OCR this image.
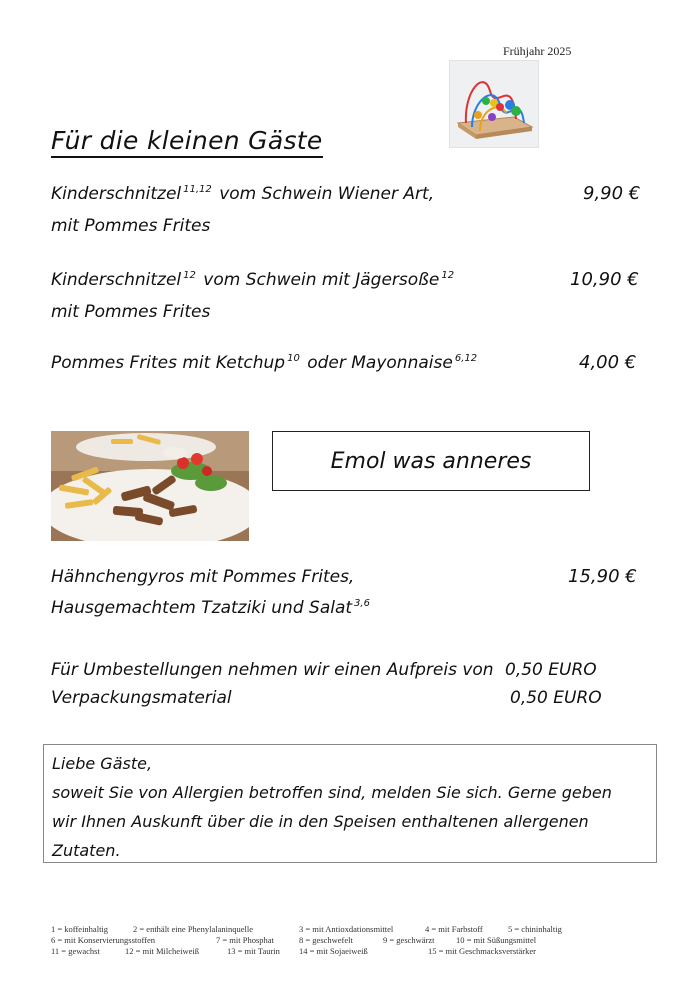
Frühjahr 2025
Für die kleinen Gäste
Kinderschnitzel $^{11,12}$ vom Schwein Wiener Art,
mit Pommes Frites
9,90 €
Kinderschnitzel $^{12}$ vom Schwein mit Jägersoße $^{12}$
mit Pommes Frites
10,90 €
Pommes Frites mit Ketchup $^{10}$ oder Mayonnaise $^{6,12}$	4,00 €
Emol was anneres
Hähnchengyros mit Pommes Frites,
Hausgemachtem Tzatziki und Salat $^{3,6}$
15,90 €
Für Umbestellungen nehmen wir einen Aufpreis von 0,50 EURO
Verpackungsmaterial	0,50 EURO

Liebe Gäste,

soweit Sie von Allergien betroffen sind, melden Sie sich. Gerne geben

wir Ihnen Auskunft über die in den Speisen enthaltenen allergenen

Zutaten.

1 = koffeinhaltig	2 = enthält eine Phenylalaninquelle	3 = mit Antioxdationsmittel	4 = mit Farbstoff	5 = chininhaltig
6 = mit Konservierungsstoffen	7 = mit Phosphat	8 = geschwefelt	9 = geschwärzt	10 = mit Süßungsmittel
11 = gewachst	12 = mit Milcheiweiß	13 = mit Taurin 14 = mit Sojaeiweiß	15 = mit Geschmacksverstärker
